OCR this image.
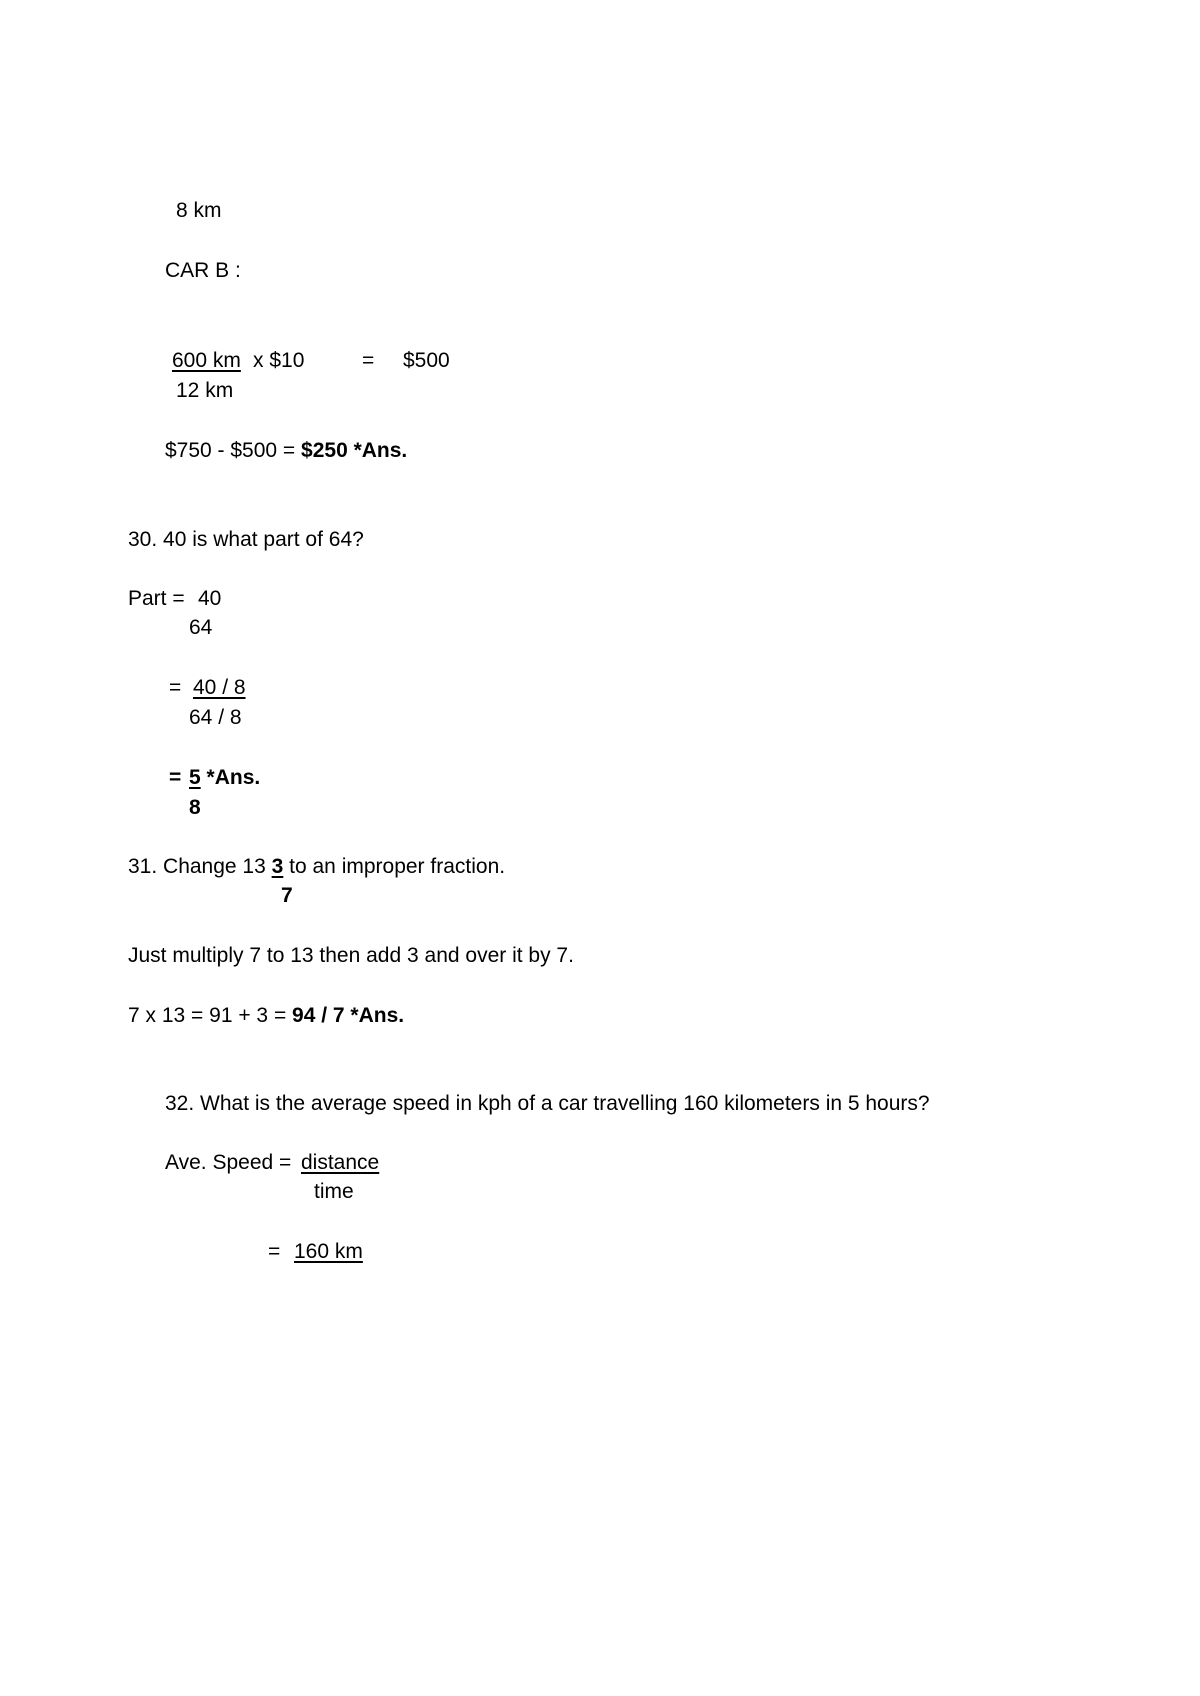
8 km
CAR B :
600 km x $10	= $500
12 km
$750 - $500 = $250 *Ans.
30. 40 is what part of 64?
Part = 40
64
= 40 / 8
64 / 8
= 5 *Ans.
8
31. Change 13 3 to an improper fraction.
7
Just multiply 7 to 13 then add 3 and over it by 7.
7 x 13 = 91 + 3 = 94 / 7 *Ans.
32. What is the average speed in kph of a car travelling 160 kilometers in 5 hours?
Ave. Speed = distance
time
= 160 km
